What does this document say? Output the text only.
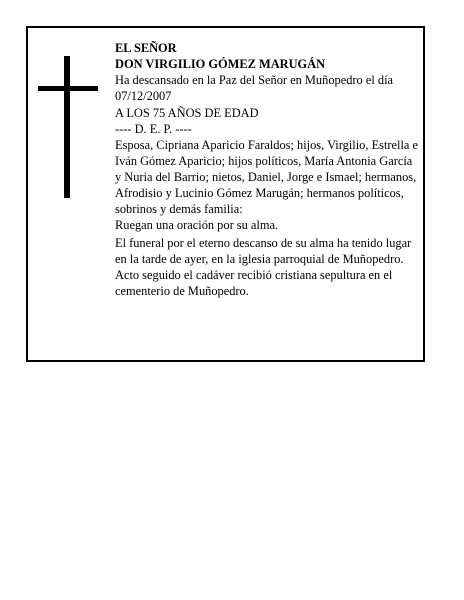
EL SEÑOR

DON VIRGILIO GÓMEZ MARUGÁN

Ha descansado en la Paz del Señor en Muñopedro el día 07/12/2007

A LOS 75 AÑOS DE EDAD

---- D. E. P. ----

Esposa, Cipriana Aparicio Faraldos; hijos, Virgilio, Estrella e Iván Gómez Aparicio; hijos políticos, María Antonia García y Nuria del Barrio; nietos, Daniel, Jorge e Ismael; hermanos, Afrodisio y Lucinio Gómez Marugán; hermanos políticos, sobrinos y demás familia:

Ruegan una oración por su alma.

El funeral por el eterno descanso de su alma ha tenido lugar en la tarde de ayer, en la iglesia parroquial de Muñopedro. Acto seguido el cadáver recibió cristiana sepultura en el cementerio de Muñopedro.
